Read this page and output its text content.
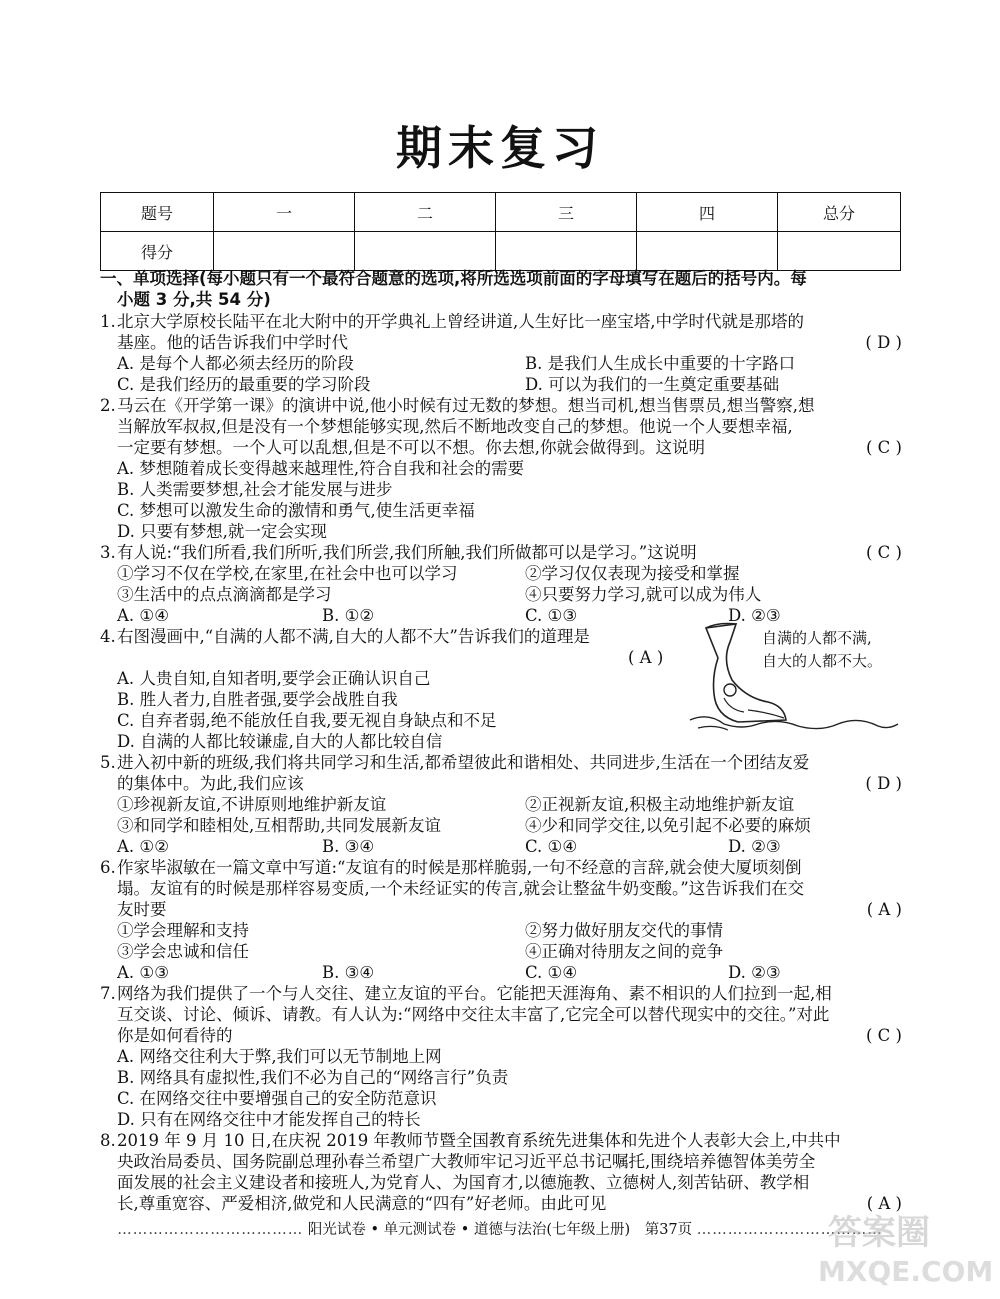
期末复习
题号	一	二	三	四	总分
得分					
一、单项选择(每小题只有一个最符合题意的选项,将所选选项前面的字母填写在题后的括号内。每
小题 3 分,共 54 分)
1. 北京大学原校长陆平在北大附中的开学典礼上曾经讲道,人生好比一座宝塔,中学时代就是那塔的
基座。他的话告诉我们中学时代	( D )
A. 是每个人都必须去经历的阶段	B. 是我们人生成长中重要的十字路口
C. 是我们经历的最重要的学习阶段	D. 可以为我们的一生奠定重要基础
2. 马云在《开学第一课》的演讲中说,他小时候有过无数的梦想。想当司机,想当售票员,想当警察,想
当解放军叔叔,但是没有一个梦想能够实现,然后不断地改变自己的梦想。他说一个人要想幸福,
一定要有梦想。一个人可以乱想,但是不可以不想。你去想,你就会做得到。这说明	( C )
A. 梦想随着成长变得越来越理性,符合自我和社会的需要
B. 人类需要梦想,社会才能发展与进步
C. 梦想可以激发生命的激情和勇气,使生活更幸福
D. 只要有梦想,就一定会实现
3. 有人说:“我们所看,我们所听,我们所尝,我们所触,我们所做都可以是学习。”这说明	( C )
①学习不仅在学校,在家里,在社会中也可以学习	②学习仅仅表现为接受和掌握
③生活中的点点滴滴都是学习	④只要努力学习,就可以成为伟人
A. ①④	B. ①②	C. ①③	D. ②③
4. 右图漫画中,“自满的人都不满,自大的人都不大”告诉我们的道理是
( A )
A. 人贵自知,自知者明,要学会正确认识自己
B. 胜人者力,自胜者强,要学会战胜自我
C. 自弃者弱,绝不能放任自我,要无视自身缺点和不足
D. 自满的人都比较谦虚,自大的人都比较自信
自满的人都不满,
自大的人都不大。
5. 进入初中新的班级,我们将共同学习和生活,都希望彼此和谐相处、共同进步,生活在一个团结友爱
的集体中。为此,我们应该	( D )
①珍视新友谊,不讲原则地维护新友谊	②正视新友谊,积极主动地维护新友谊
③和同学和睦相处,互相帮助,共同发展新友谊	④少和同学交往,以免引起不必要的麻烦
A. ①②	B. ③④	C. ①④	D. ②③
6. 作家毕淑敏在一篇文章中写道:“友谊有的时候是那样脆弱,一句不经意的言辞,就会使大厦顷刻倒
塌。友谊有的时候是那样容易变质,一个未经证实的传言,就会让整盆牛奶变酸。”这告诉我们在交
友时要	( A )
①学会理解和支持	②努力做好朋友交代的事情
③学会忠诚和信任	④正确对待朋友之间的竞争
A. ①③	B. ③④	C. ①④	D. ②③
7. 网络为我们提供了一个与人交往、建立友谊的平台。它能把天涯海角、素不相识的人们拉到一起,相
互交谈、讨论、倾诉、请教。有人认为:“网络中交往太丰富了,它完全可以替代现实中的交往。”对此
你是如何看待的	( C )
A. 网络交往利大于弊,我们可以无节制地上网
B. 网络具有虚拟性,我们不必为自己的“网络言行”负责
C. 在网络交往中要增强自己的安全防范意识
D. 只有在网络交往中才能发挥自己的特长
8. 2019 年 9 月 10 日,在庆祝 2019 年教师节暨全国教育系统先进集体和先进个人表彰大会上,中共中
央政治局委员、国务院副总理孙春兰希望广大教师牢记习近平总书记嘱托,围绕培养德智体美劳全
面发展的社会主义建设者和接班人,为党育人、为国育才,以德施教、立德树人,刻苦钻研、教学相
长,尊重宽容、严爱相济,做党和人民满意的“四有”好老师。由此可见	( A )
……………………………… 阳光试卷 • 单元测试卷 • 道德与法治(七年级上册)　第37页 ………………………………
答案圈
MXQE.COM
